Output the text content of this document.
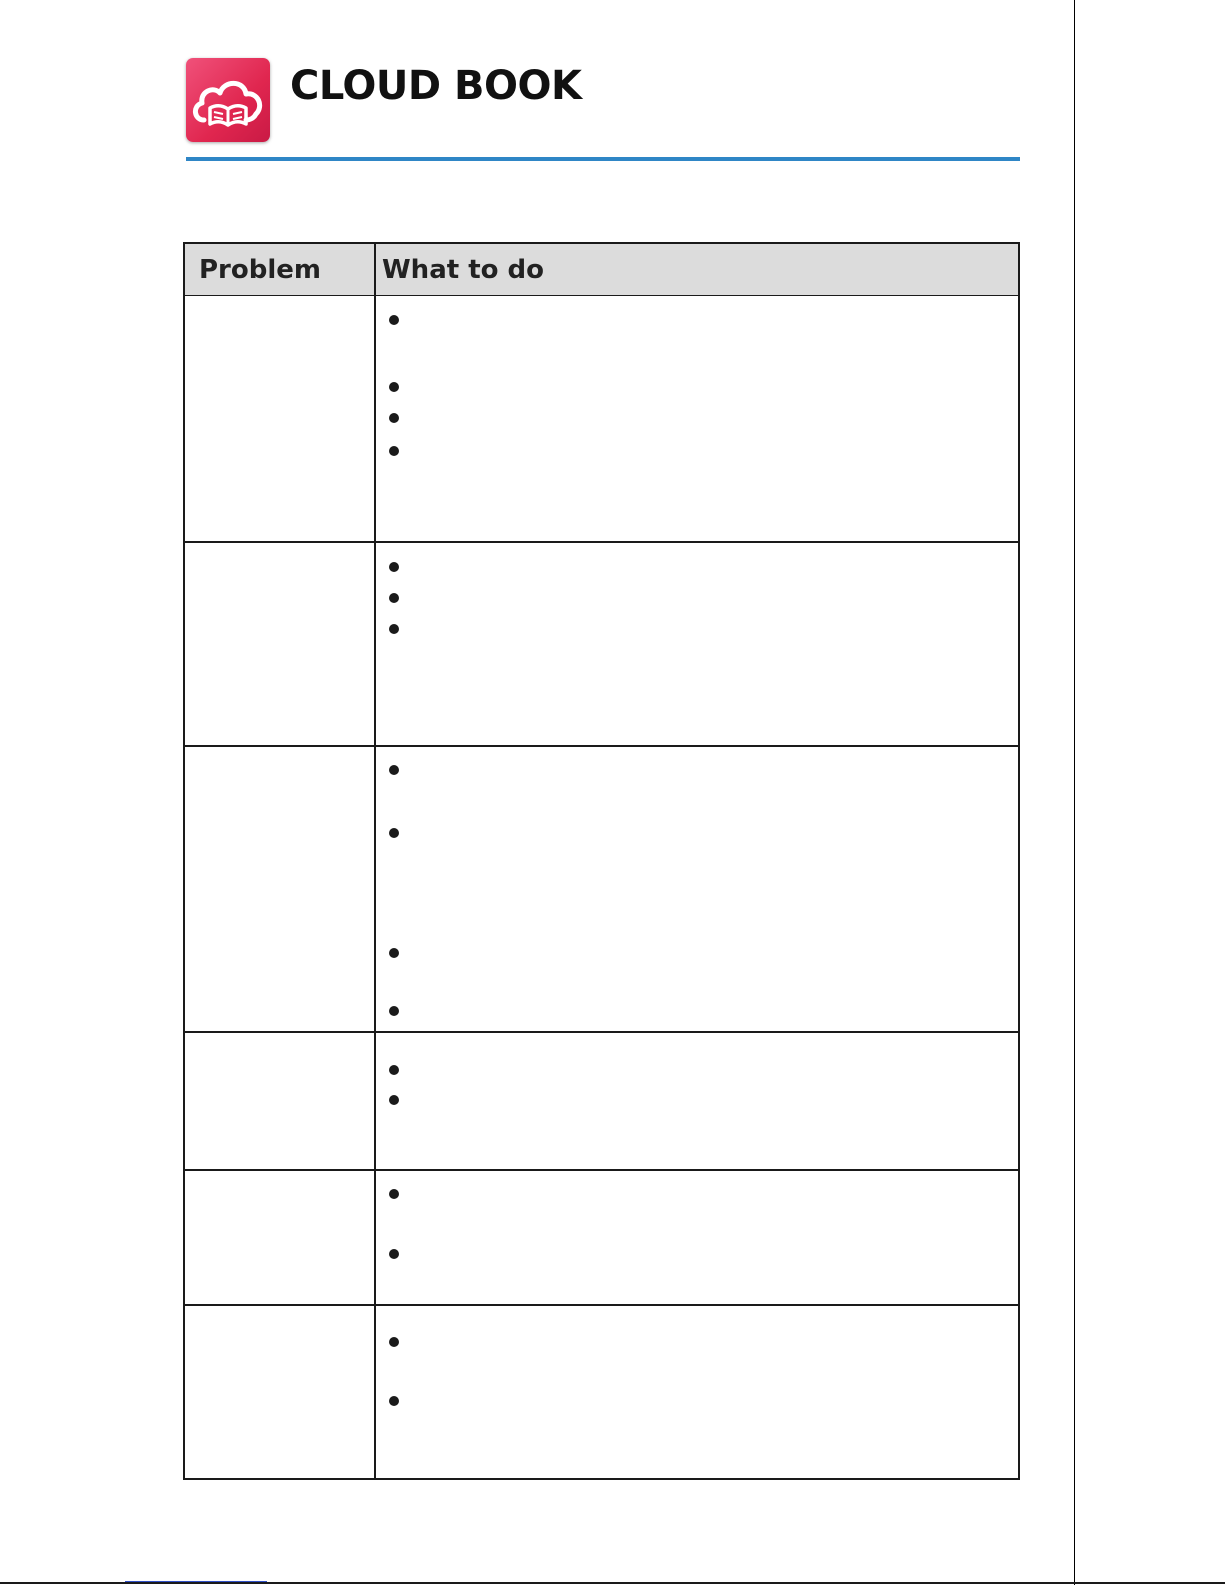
CLOUD BOOK
Problem What to do
